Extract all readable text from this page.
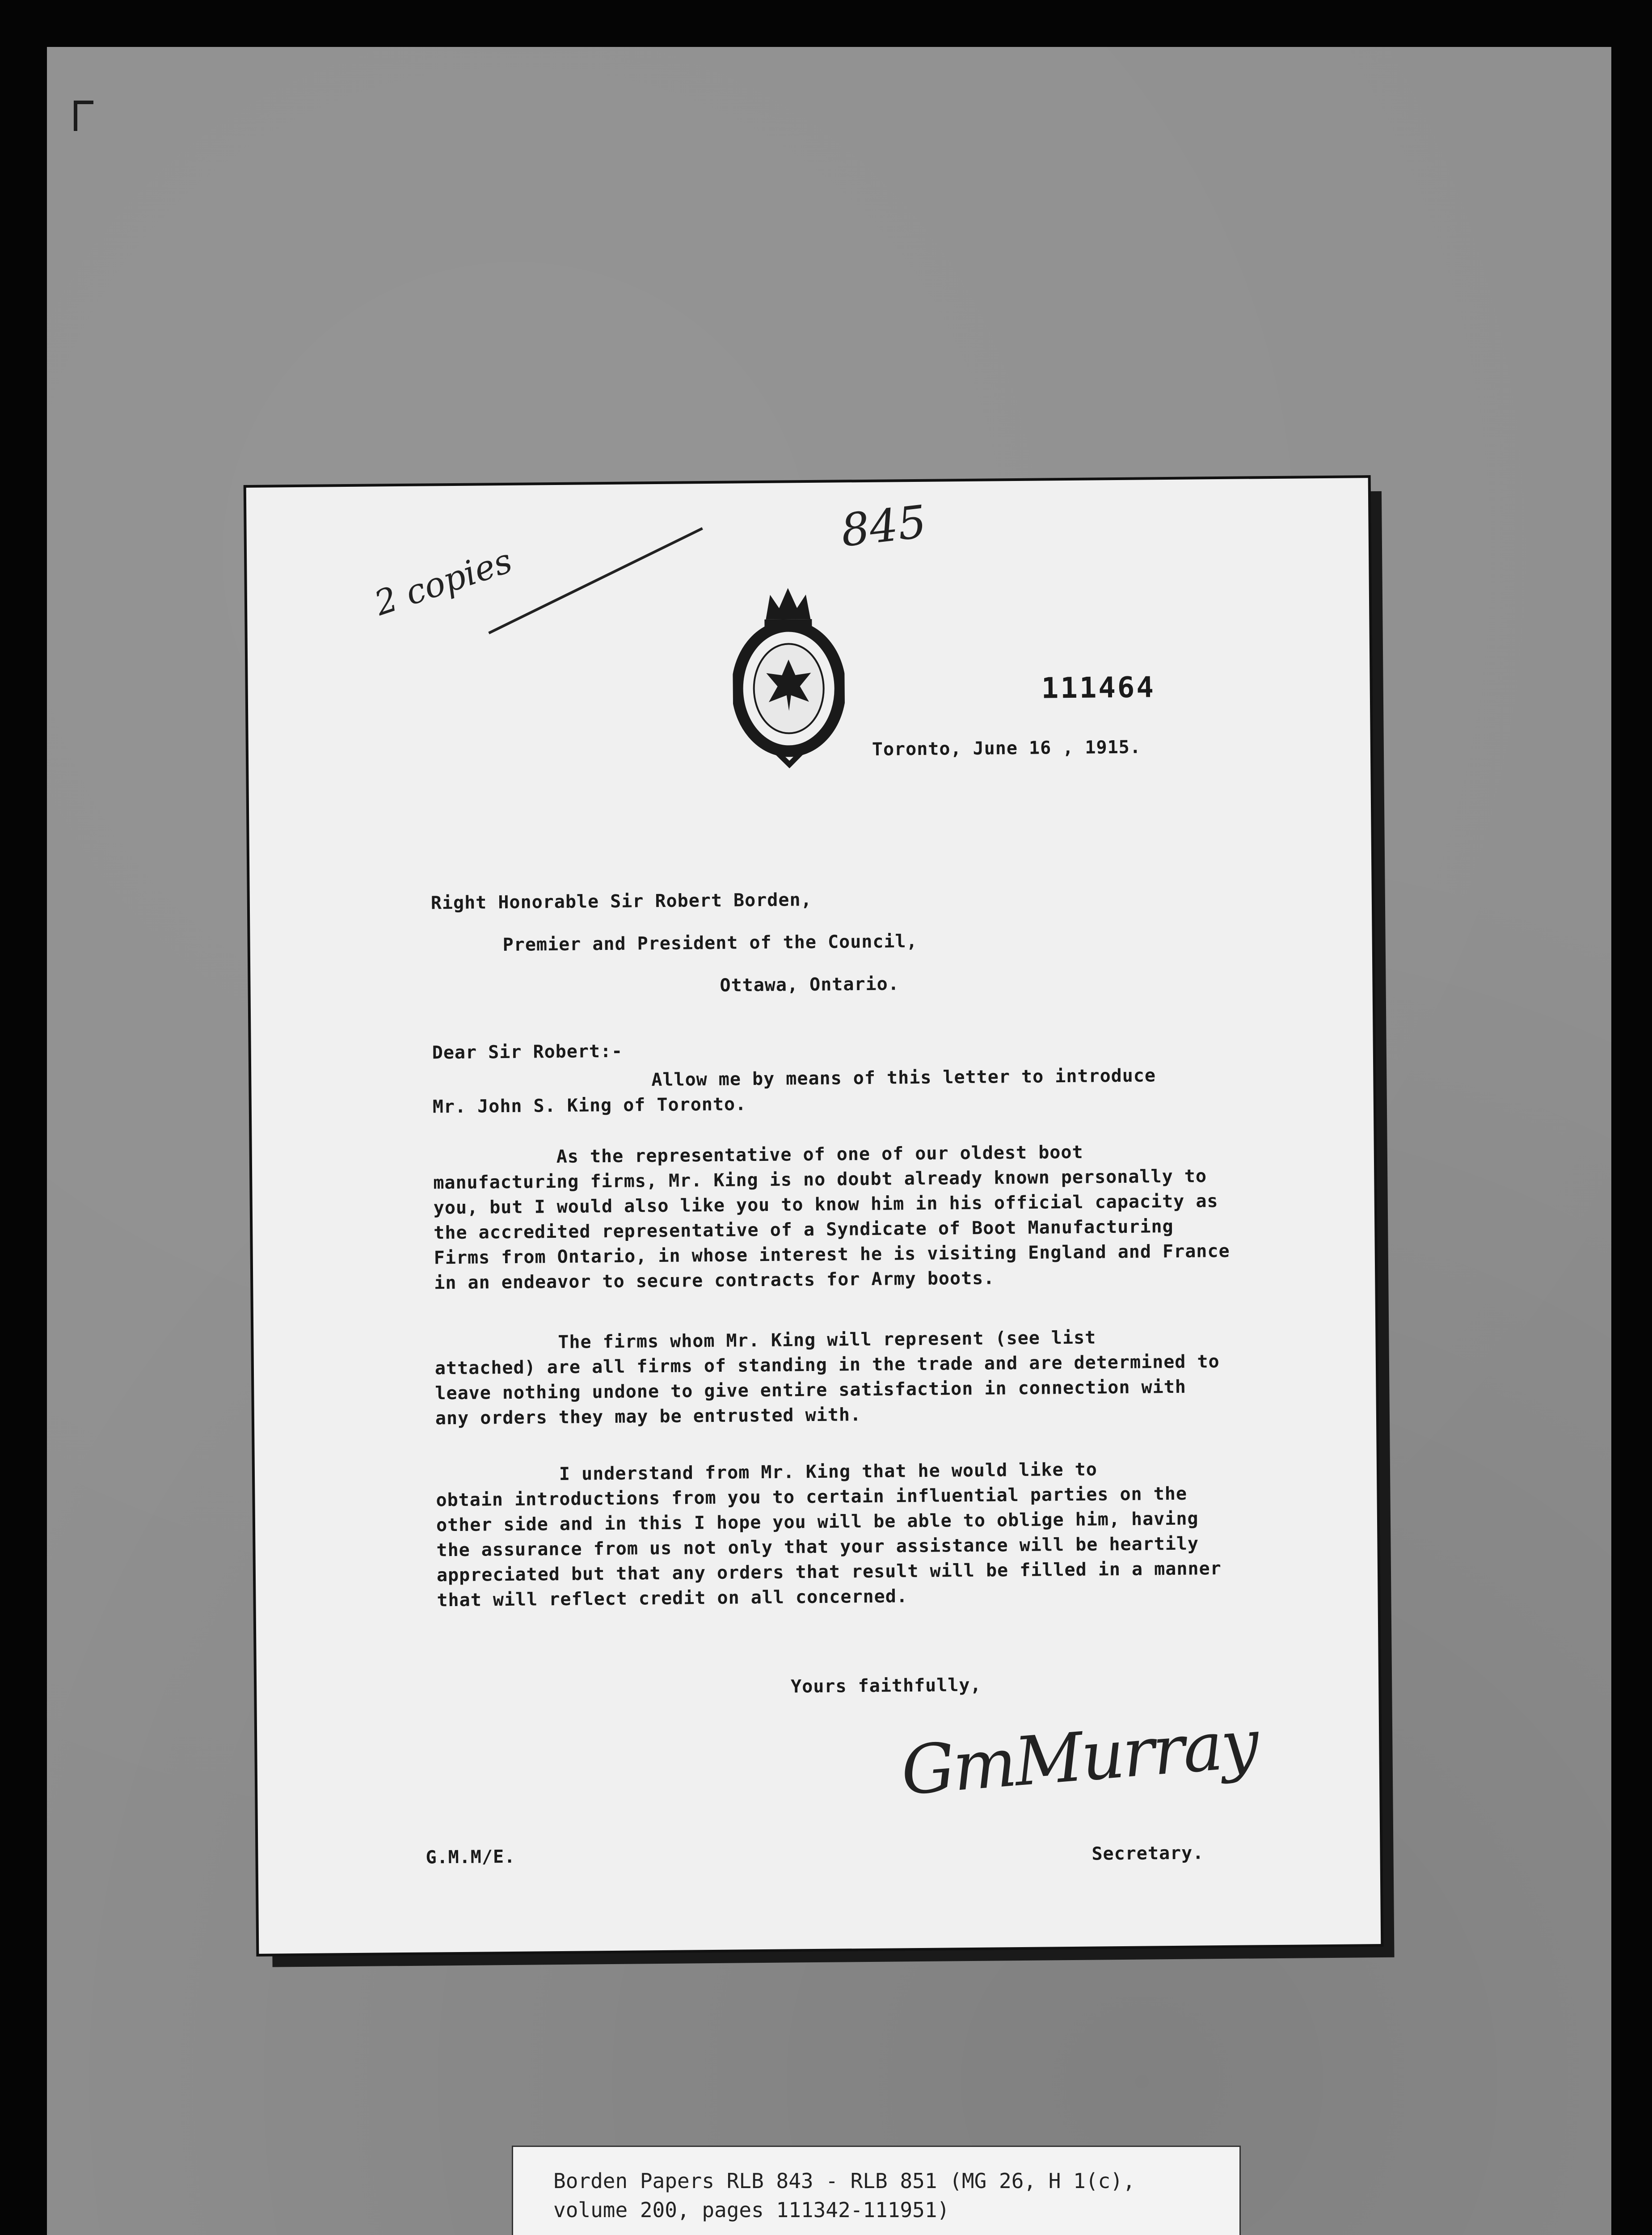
2 copies
845
111464
Toronto, June 16 , 1915.
Right Honorable Sir Robert Borden,
Premier and President of the Council,
Ottawa, Ontario.
Dear Sir Robert:-
Allow me by means of this letter to introduce
Mr. John S. King of Toronto.
As the representative of one of our oldest boot
manufacturing firms, Mr. King is no doubt already known personally to
you, but I would also like you to know him in his official capacity as
the accredited representative of a Syndicate of Boot Manufacturing
Firms from Ontario, in whose interest he is visiting England and France
in an endeavor to secure contracts for Army boots.
The firms whom Mr. King will represent (see list
attached) are all firms of standing in the trade and are determined to
leave nothing undone to give entire satisfaction in connection with
any orders they may be entrusted with.
I understand from Mr. King that he would like to
obtain introductions from you to certain influential parties on the
other side and in this I hope you will be able to oblige him, having
the assurance from us not only that your assistance will be heartily
appreciated but that any orders that result will be filled in a manner
that will reflect credit on all concerned.
Yours faithfully,
GmMurray
G.M.M/E.	Secretary.
Borden Papers RLB 843 - RLB 851 (MG 26, H 1(c),
volume 200, pages 111342-111951)
